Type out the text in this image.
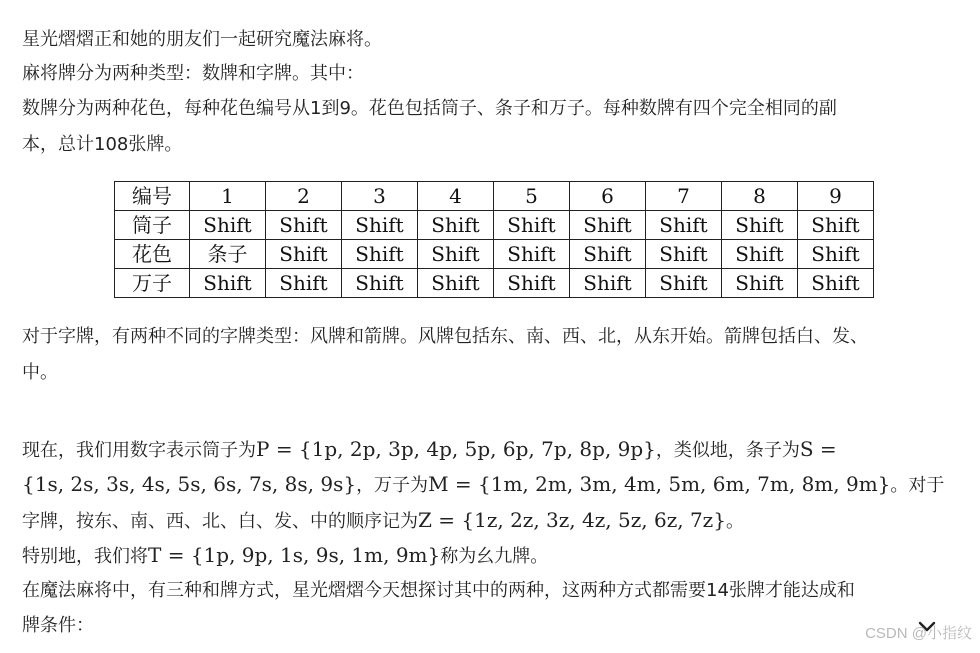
星光熠熠正和她的朋友们一起研究魔法麻将。
麻将牌分为两种类型：数牌和字牌。其中：
数牌分为两种花色，每种花色编号从1到9。花色包括筒子、条子和万子。每种数牌有四个完全相同的副
本，总计108张牌。
编号	1	2	3	4	5	6	7	8	9
筒子	Shift	Shift	Shift	Shift	Shift	Shift	Shift	Shift	Shift
花色	条子	Shift	Shift	Shift	Shift	Shift	Shift	Shift	Shift
万子	Shift	Shift	Shift	Shift	Shift	Shift	Shift	Shift	Shift
对于字牌，有两种不同的字牌类型：风牌和箭牌。风牌包括东、南、西、北，从东开始。箭牌包括白、发、
中。
现在，我们用数字表示筒子为P = {1p, 2p, 3p, 4p, 5p, 6p, 7p, 8p, 9p}，类似地，条子为S =
{1s, 2s, 3s, 4s, 5s, 6s, 7s, 8s, 9s}，万子为M = {1m, 2m, 3m, 4m, 5m, 6m, 7m, 8m, 9m}。对于
字牌，按东、南、西、北、白、发、中的顺序记为Z = {1z, 2z, 3z, 4z, 5z, 6z, 7z}。
特别地，我们将T = {1p, 9p, 1s, 9s, 1m, 9m}称为幺九牌。
在魔法麻将中，有三种和牌方式，星光熠熠今天想探讨其中的两种，这两种方式都需要14张牌才能达成和
牌条件：	CSDN @小指纹
